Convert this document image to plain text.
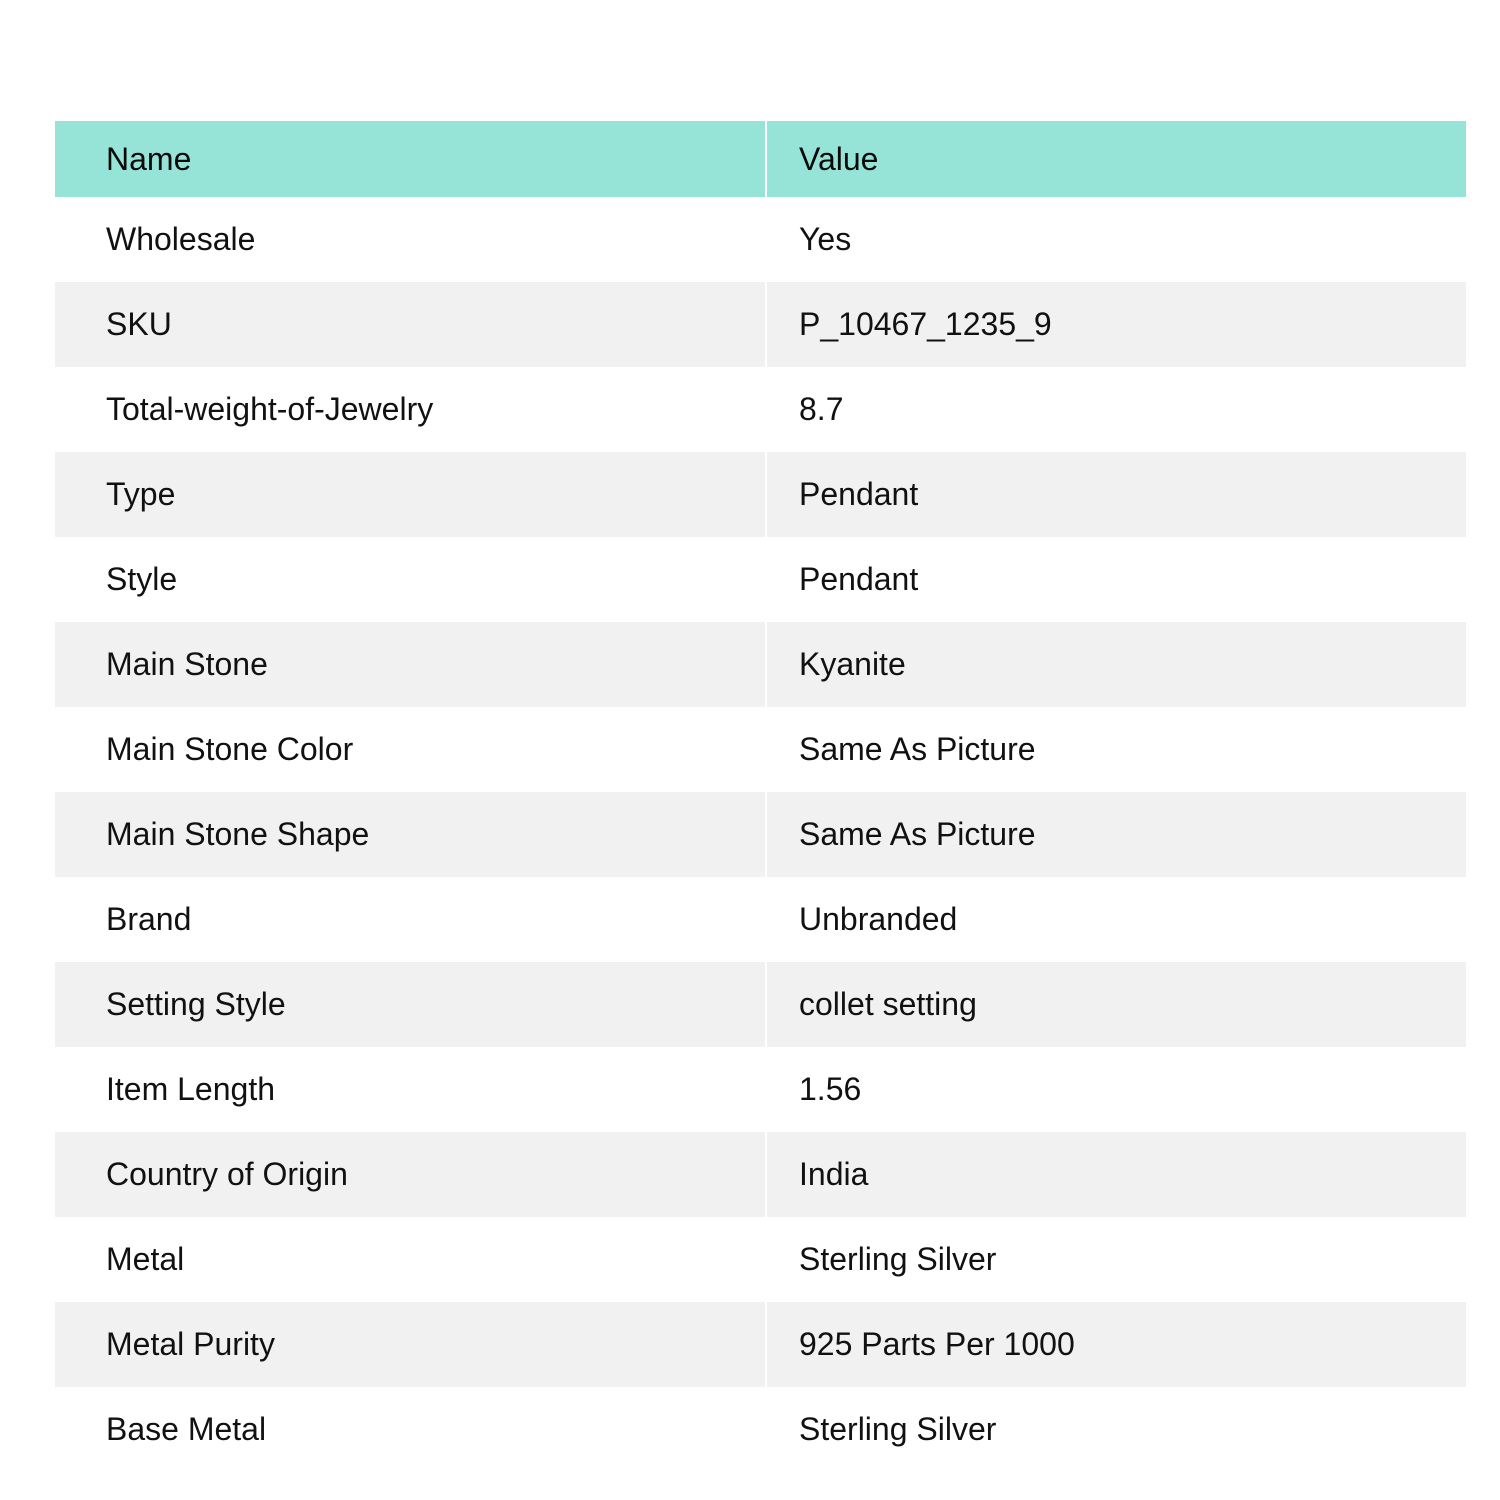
Name	Value
Wholesale	Yes
SKU	P_10467_1235_9
Total-weight-of-Jewelry	8.7
Type	Pendant
Style	Pendant
Main Stone	Kyanite
Main Stone Color	Same As Picture
Main Stone Shape	Same As Picture
Brand	Unbranded
Setting Style	collet setting
Item Length	1.56
Country of Origin	India
Metal	Sterling Silver
Metal Purity	925 Parts Per 1000
Base Metal	Sterling Silver
